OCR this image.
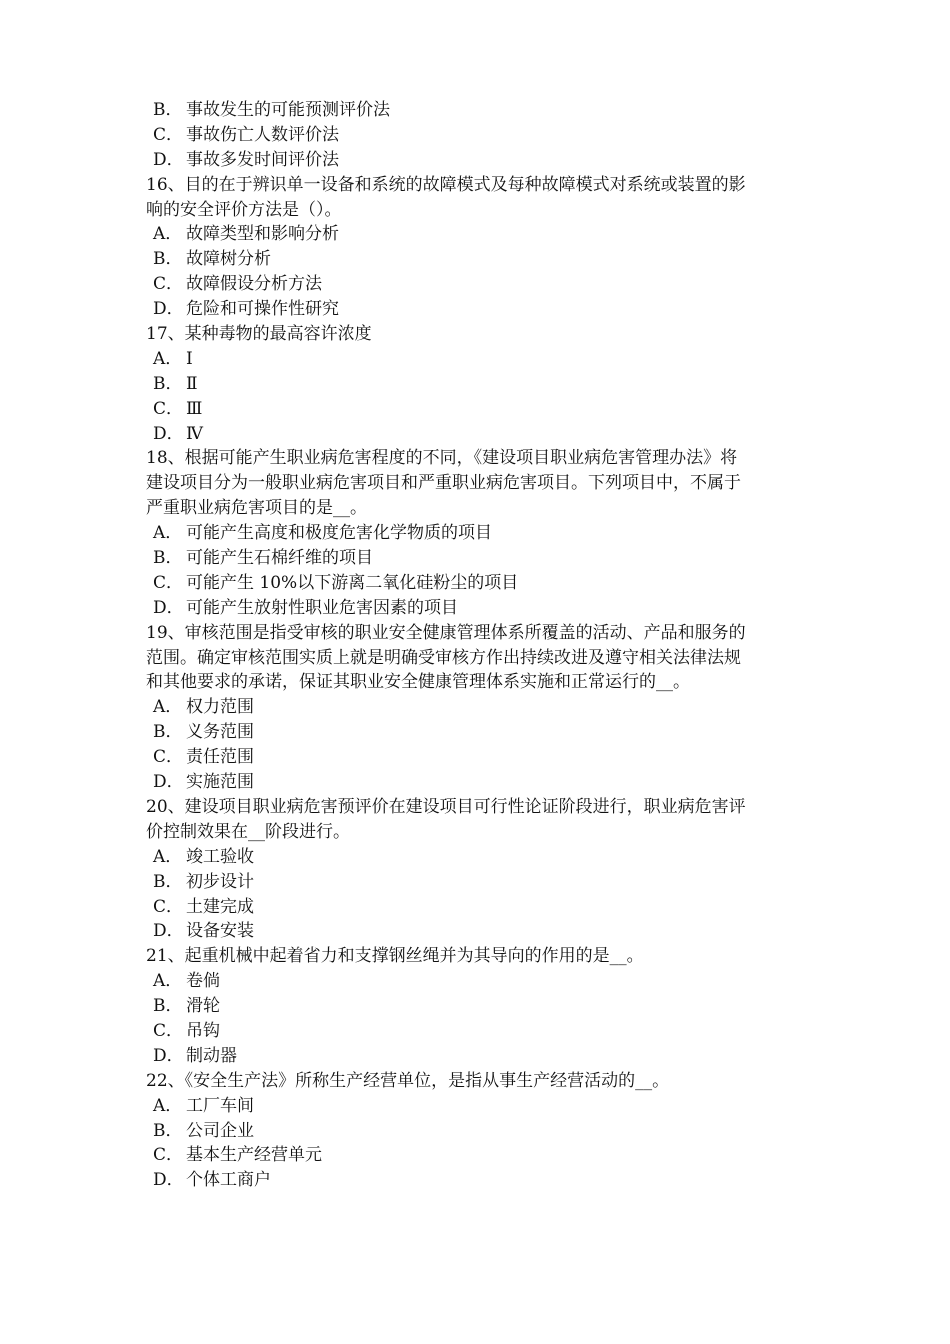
B． 事故发生的可能预测评价法
C． 事故伤亡人数评价法
D． 事故多发时间评价法
16、目的在于辨识单一设备和系统的故障模式及每种故障模式对系统或装置的影
响的安全评价方法是（）。
A． 故障类型和影响分析
B． 故障树分析
C． 故障假设分析方法
D． 危险和可操作性研究
17、某种毒物的最高容许浓度
A． Ⅰ
B． Ⅱ
C． Ⅲ
D． Ⅳ
18、根据可能产生职业病危害程度的不同，《建设项目职业病危害管理办法》将
建设项目分为一般职业病危害项目和严重职业病危害项目。下列项目中，不属于
严重职业病危害项目的是__。
A． 可能产生高度和极度危害化学物质的项目
B． 可能产生石棉纤维的项目
C． 可能产生 10%以下游离二氧化硅粉尘的项目
D． 可能产生放射性职业危害因素的项目
19、审核范围是指受审核的职业安全健康管理体系所覆盖的活动、产品和服务的
范围。确定审核范围实质上就是明确受审核方作出持续改进及遵守相关法律法规
和其他要求的承诺，保证其职业安全健康管理体系实施和正常运行的__。
A． 权力范围
B． 义务范围
C． 责任范围
D． 实施范围
20、建设项目职业病危害预评价在建设项目可行性论证阶段进行，职业病危害评
价控制效果在__阶段进行。
A． 竣工验收
B． 初步设计
C． 土建完成
D． 设备安装
21、起重机械中起着省力和支撑钢丝绳并为其导向的作用的是__。
A． 卷倘
B． 滑轮
C． 吊钩
D． 制动器
22、《安全生产法》所称生产经营单位，是指从事生产经营活动的__。
A． 工厂车间
B． 公司企业
C． 基本生产经营单元
D． 个体工商户
